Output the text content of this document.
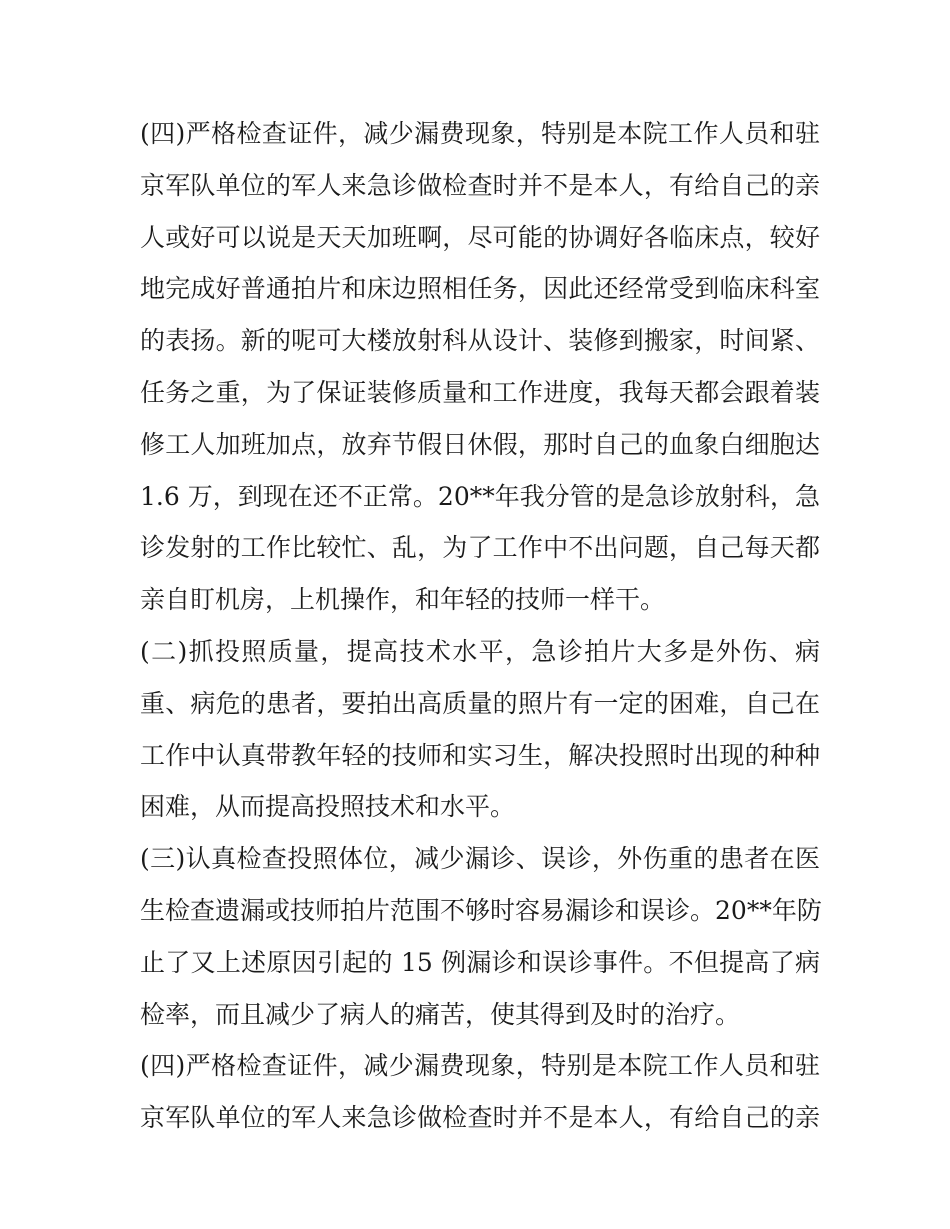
(四)严格检查证件，减少漏费现象，特别是本院工作人员和驻
京军队单位的军人来急诊做检查时并不是本人，有给自己的亲
人或好可以说是天天加班啊，尽可能的协调好各临床点，较好
地完成好普通拍片和床边照相任务，因此还经常受到临床科室
的表扬。新的呢可大楼放射科从设计、装修到搬家，时间紧、
任务之重，为了保证装修质量和工作进度，我每天都会跟着装
修工人加班加点，放弃节假日休假，那时自己的血象白细胞达
1.6 万，到现在还不正常。20**年我分管的是急诊放射科，急
诊发射的工作比较忙、乱，为了工作中不出问题，自己每天都
亲自盯机房，上机操作，和年轻的技师一样干。
(二)抓投照质量，提高技术水平，急诊拍片大多是外伤、病
重、病危的患者，要拍出高质量的照片有一定的困难，自己在
工作中认真带教年轻的技师和实习生，解决投照时出现的种种
困难，从而提高投照技术和水平。
(三)认真检查投照体位，减少漏诊、误诊，外伤重的患者在医
生检查遗漏或技师拍片范围不够时容易漏诊和误诊。20**年防
止了又上述原因引起的 15 例漏诊和误诊事件。不但提高了病
检率，而且减少了病人的痛苦，使其得到及时的治疗。
(四)严格检查证件，减少漏费现象，特别是本院工作人员和驻
京军队单位的军人来急诊做检查时并不是本人，有给自己的亲
